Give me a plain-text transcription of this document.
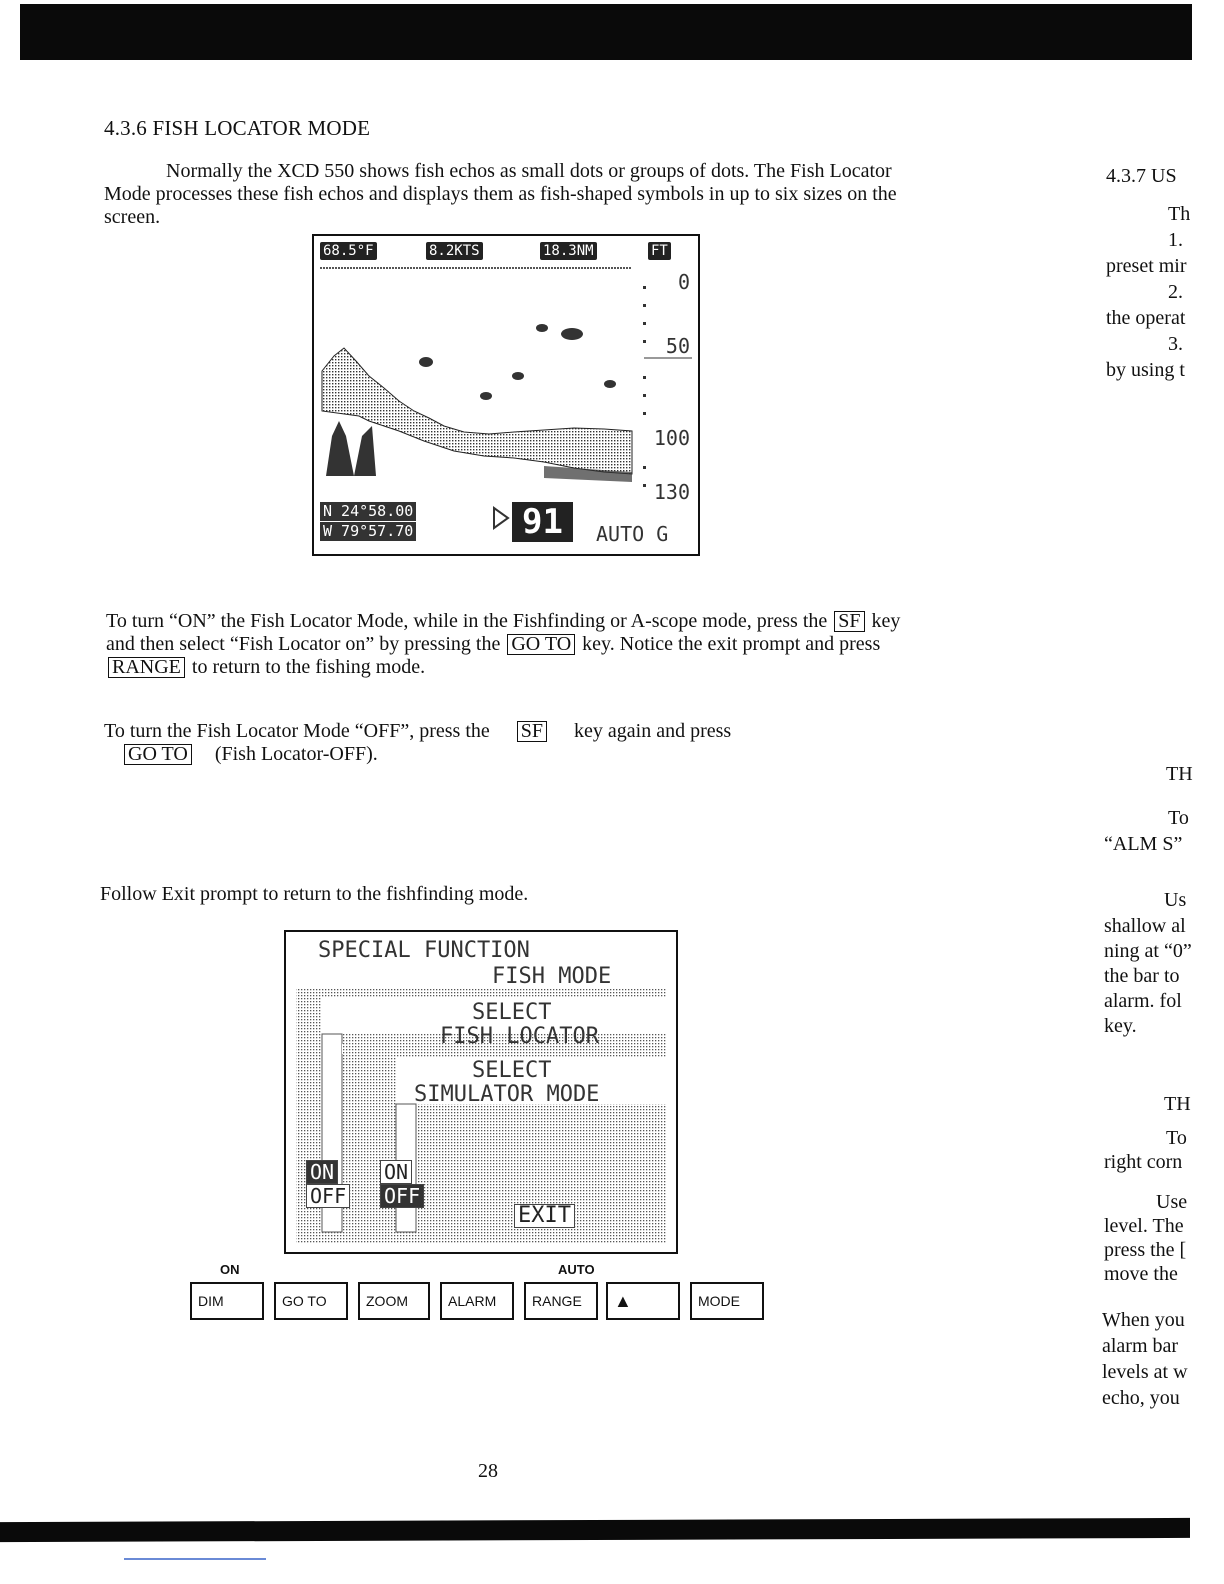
4.3.6 FISH LOCATOR MODE
Normally the XCD 550 shows fish echos as small dots or groups of dots. The Fish Locator Mode processes these fish echos and displays them as fish-shaped symbols in up to six sizes on the screen.
68.5°F	8.2KTS	18.3NM	FT
0
50
100
130
N 24°58.00
W 79°57.70	91	AUTO G
To turn “ON” the Fish Locator Mode, while in the Fishfinding or A-scope mode, press the SF key and then select “Fish Locator on” by pressing the GO TO key. Notice the exit prompt and press RANGE to return to the fishing mode.
To turn the Fish Locator Mode “OFF”, press the SF key again and press
GO TO (Fish Locator-OFF).
Follow Exit prompt to return to the fishfinding mode.
SPECIAL FUNCTION
FISH MODE
SELECT
FISH LOCATOR
SELECT
SIMULATOR MODE
ON
OFF
ON
OFF
EXIT
ON	AUTO
DIM	GO TO	ZOOM	ALARM	RANGE	▲	MODE
28
4.3.7 US
Th
1.
preset mir
2.
the operat
3.
by using t
TH
To
“ALM S”
Us
shallow al
ning at “0”
the bar to
alarm. fol
key.
TH
To
right corn
Use
level. The
press the [
move the
When you
alarm bar
levels at w
echo, you
